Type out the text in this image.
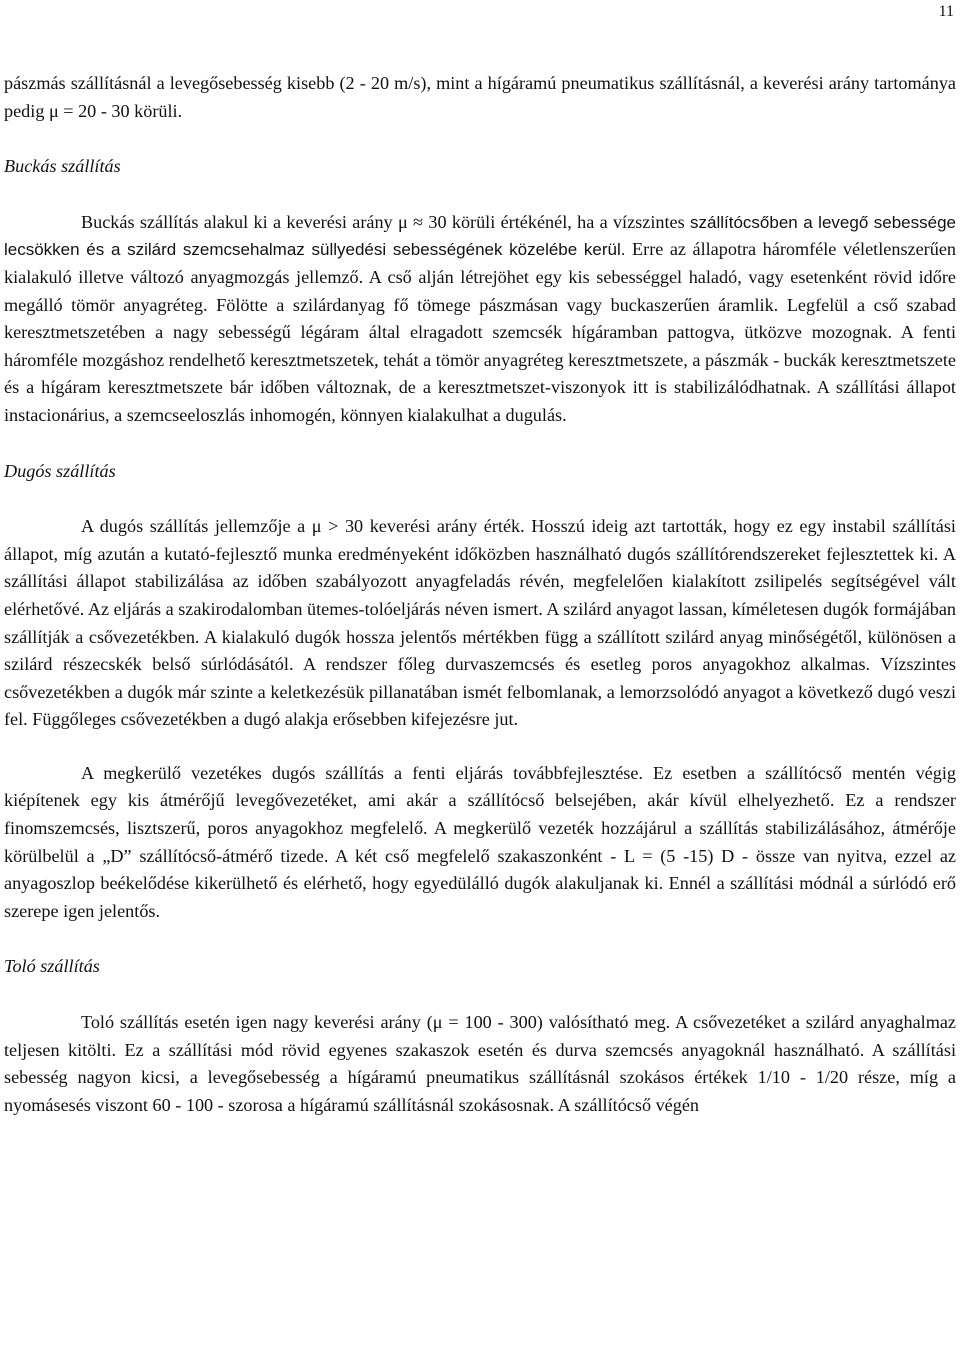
11

pászmás szállításnál a levegősebesség kisebb (2 - 20 m/s), mint a hígáramú pneumatikus szállításnál, a keverési arány tartománya pedig μ = 20 - 30 körüli.

Buckás szállítás

Buckás szállítás alakul ki a keverési arány μ ≈ 30 körüli értékénél, ha a vízszintes szállítócsőben a levegő sebessége lecsökken és a szilárd szemcsehalmaz süllyedési sebességének közelébe kerül. Erre az állapotra háromféle véletlenszerűen kialakuló illetve változó anyagmozgás jellemző. A cső alján létrejöhet egy kis sebességgel haladó, vagy esetenként rövid időre megálló tömör anyagréteg. Fölötte a szilárdanyag fő tömege pászmásan vagy buckaszerűen áramlik. Legfelül a cső szabad keresztmetszetében a nagy sebességű légáram által elragadott szemcsék hígáramban pattogva, ütközve mozognak. A fenti háromféle mozgáshoz rendelhető keresztmetszetek, tehát a tömör anyagréteg keresztmetszete, a pászmák - buckák keresztmetszete és a hígáram keresztmetszete bár időben változnak, de a keresztmetszet-viszonyok itt is stabilizálódhatnak. A szállítási állapot instacionárius, a szemcseeloszlás inhomogén, könnyen kialakulhat a dugulás.

Dugós szállítás

A dugós szállítás jellemzője a μ > 30 keverési arány érték. Hosszú ideig azt tartották, hogy ez egy instabil szállítási állapot, míg azután a kutató-fejlesztő munka eredményeként időközben használható dugós szállítórendszereket fejlesztettek ki. A szállítási állapot stabilizálása az időben szabályozott anyagfeladás révén, megfelelően kialakított zsilipelés segítségével vált elérhetővé. Az eljárás a szakirodalomban ütemes-tolóeljárás néven ismert. A szilárd anyagot lassan, kíméletesen dugók formájában szállítják a csővezetékben. A kialakuló dugók hossza jelentős mértékben függ a szállított szilárd anyag minőségétől, különösen a szilárd részecskék belső súrlódásától. A rendszer főleg durvaszemcsés és esetleg poros anyagokhoz alkalmas. Vízszintes csővezetékben a dugók már szinte a keletkezésük pillanatában ismét felbomlanak, a lemorzsolódó anyagot a következő dugó veszi fel. Függőleges csővezetékben a dugó alakja erősebben kifejezésre jut.

A megkerülő vezetékes dugós szállítás a fenti eljárás továbbfejlesztése. Ez esetben a szállítócső mentén végig kiépítenek egy kis átmérőjű levegővezetéket, ami akár a szállítócső belsejében, akár kívül elhelyezhető. Ez a rendszer finomszemcsés, lisztszerű, poros anyagokhoz megfelelő. A megkerülő vezeték hozzájárul a szállítás stabilizálásához, átmérője körülbelül a „D” szállítócső-átmérő tizede. A két cső megfelelő szakaszonként - L = (5 -15) D - össze van nyitva, ezzel az anyagoszlop beékelődése kikerülhető és elérhető, hogy egyedülálló dugók alakuljanak ki. Ennél a szállítási módnál a súrlódó erő szerepe igen jelentős.

Toló szállítás

Toló szállítás esetén igen nagy keverési arány (μ = 100 - 300) valósítható meg. A csővezetéket a szilárd anyaghalmaz teljesen kitölti. Ez a szállítási mód rövid egyenes szakaszok esetén és durva szemcsés anyagoknál használható. A szállítási sebesség nagyon kicsi, a levegősebesség a hígáramú pneumatikus szállításnál szokásos értékek 1/10 - 1/20 része, míg a nyomásesés viszont 60 - 100 - szorosa a hígáramú szállításnál szokásosnak. A szállítócső végén
